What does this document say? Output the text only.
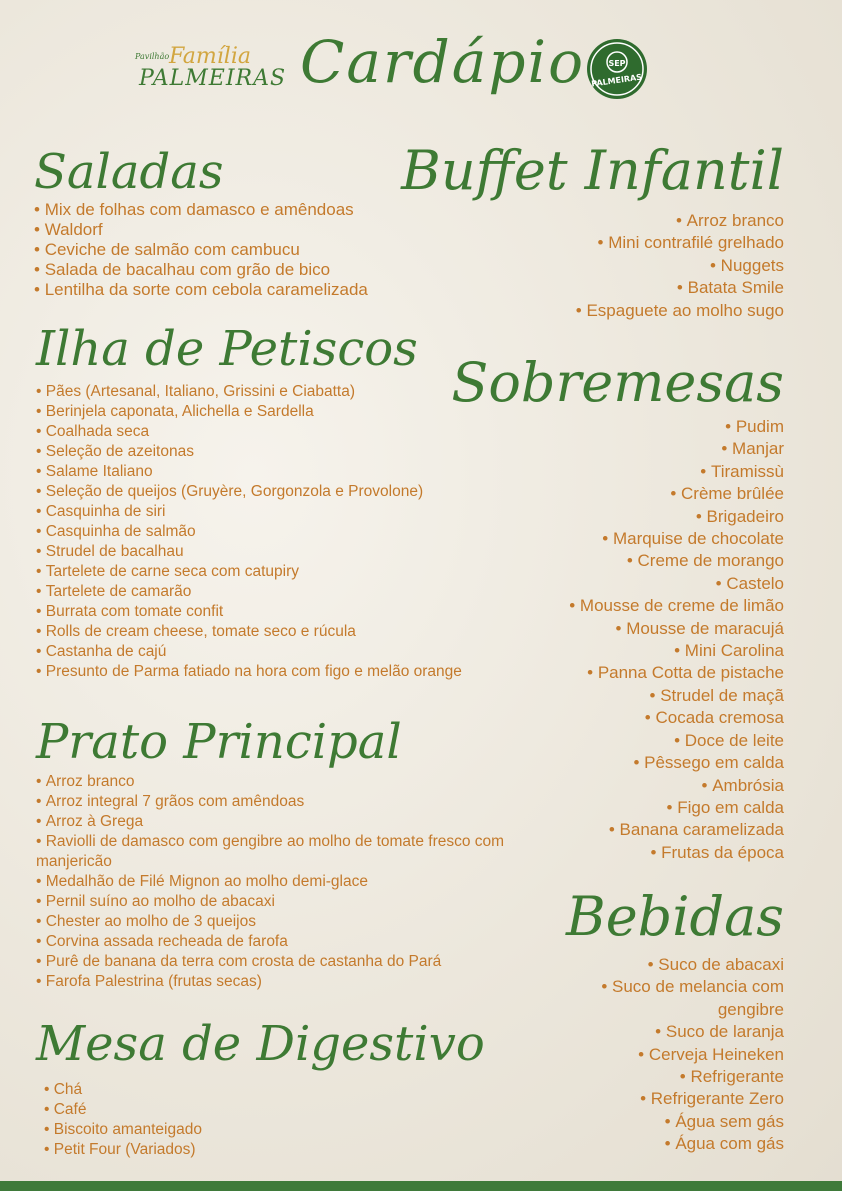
Pavilhão Família
PALMEIRAS Cardápio	SEP
PALMEIRAS
Saladas
• Mix de folhas com damasco e amêndoas
• Waldorf
• Ceviche de salmão com cambucu
• Salada de bacalhau com grão de bico
• Lentilha da sorte com cebola caramelizada
Ilha de Petiscos
• Pães (Artesanal, Italiano, Grissini e Ciabatta)
• Berinjela caponata, Alichella e Sardella
• Coalhada seca
• Seleção de azeitonas
• Salame Italiano
• Seleção de queijos (Gruyère, Gorgonzola e Provolone)
• Casquinha de siri
• Casquinha de salmão
• Strudel de bacalhau
• Tartelete de carne seca com catupiry
• Tartelete de camarão
• Burrata com tomate confit
• Rolls de cream cheese, tomate seco e rúcula
• Castanha de cajú
• Presunto de Parma fatiado na hora com figo e melão orange
Prato Principal
• Arroz branco
• Arroz integral 7 grãos com amêndoas
• Arroz à Grega
• Raviolli de damasco com gengibre ao molho de tomate fresco com manjericão
• Medalhão de Filé Mignon ao molho demi-glace
• Pernil suíno ao molho de abacaxi
• Chester ao molho de 3 queijos
• Corvina assada recheada de farofa
• Purê de banana da terra com crosta de castanha do Pará
• Farofa Palestrina (frutas secas)
Mesa de Digestivo
• Chá
• Café
• Biscoito amanteigado
• Petit Four (Variados)
Buffet Infantil
• Arroz branco
• Mini contrafilé grelhado
• Nuggets
• Batata Smile
• Espaguete ao molho sugo
Sobremesas
• Pudim
• Manjar
• Tiramissù
• Crème brûlée
• Brigadeiro
• Marquise de chocolate
• Creme de morango
• Castelo
• Mousse de creme de limão
• Mousse de maracujá
• Mini Carolina
• Panna Cotta de pistache
• Strudel de maçã
• Cocada cremosa
• Doce de leite
• Pêssego em calda
• Ambrósia
• Figo em calda
• Banana caramelizada
• Frutas da época
Bebidas
• Suco de abacaxi
• Suco de melancia com gengibre
• Suco de laranja
• Cerveja Heineken
• Refrigerante
• Refrigerante Zero
• Água sem gás
• Água com gás
